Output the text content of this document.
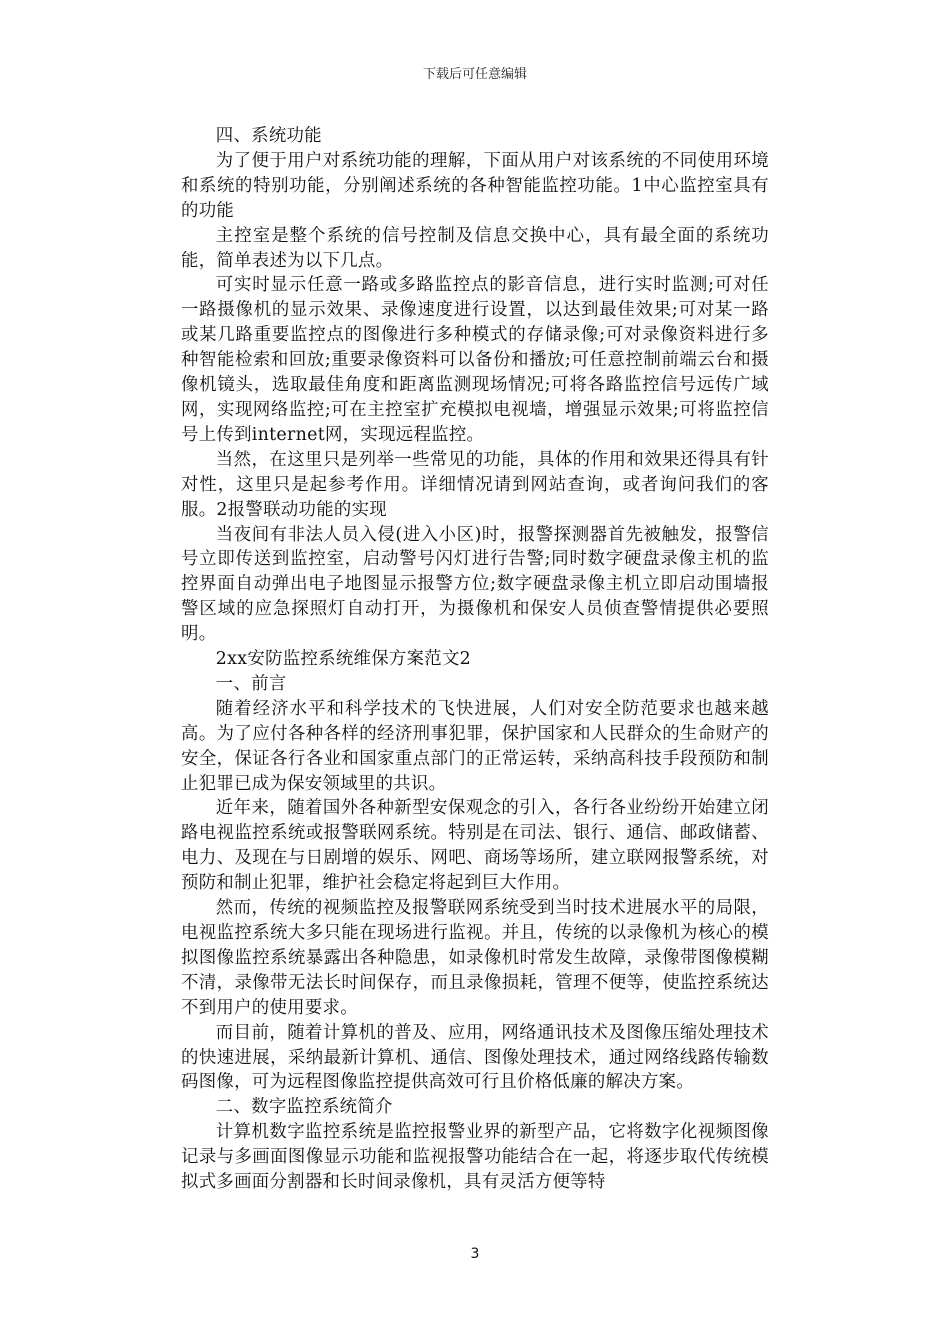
下载后可任意编辑

四、系统功能

为了便于用户对系统功能的理解，下面从用户对该系统的不同使用环境和系统的特别功能，分别阐述系统的各种智能监控功能。1中心监控室具有的功能

主控室是整个系统的信号控制及信息交换中心，具有最全面的系统功能，简单表述为以下几点。

可实时显示任意一路或多路监控点的影音信息，进行实时监测;可对任一路摄像机的显示效果、录像速度进行设置，以达到最佳效果;可对某一路或某几路重要监控点的图像进行多种模式的存储录像;可对录像资料进行多种智能检索和回放;重要录像资料可以备份和播放;可任意控制前端云台和摄像机镜头，选取最佳角度和距离监测现场情况;可将各路监控信号远传广域网，实现网络监控;可在主控室扩充模拟电视墙，增强显示效果;可将监控信号上传到internet网，实现远程监控。

当然，在这里只是列举一些常见的功能，具体的作用和效果还得具有针对性，这里只是起参考作用。详细情况请到网站查询，或者询问我们的客服。2报警联动功能的实现

当夜间有非法人员入侵(进入小区)时，报警探测器首先被触发，报警信号立即传送到监控室，启动警号闪灯进行告警;同时数字硬盘录像主机的监控界面自动弹出电子地图显示报警方位;数字硬盘录像主机立即启动围墙报警区域的应急探照灯自动打开，为摄像机和保安人员侦查警情提供必要照明。

2xx安防监控系统维保方案范文2

一、前言

随着经济水平和科学技术的飞快进展，人们对安全防范要求也越来越高。为了应付各种各样的经济刑事犯罪，保护国家和人民群众的生命财产的安全，保证各行各业和国家重点部门的正常运转，采纳高科技手段预防和制止犯罪已成为保安领域里的共识。

近年来，随着国外各种新型安保观念的引入，各行各业纷纷开始建立闭路电视监控系统或报警联网系统。特别是在司法、银行、通信、邮政储蓄、电力、及现在与日剧增的娱乐、网吧、商场等场所，建立联网报警系统，对预防和制止犯罪，维护社会稳定将起到巨大作用。

然而，传统的视频监控及报警联网系统受到当时技术进展水平的局限，电视监控系统大多只能在现场进行监视。并且，传统的以录像机为核心的模拟图像监控系统暴露出各种隐患，如录像机时常发生故障，录像带图像模糊不清，录像带无法长时间保存，而且录像损耗，管理不便等，使监控系统达不到用户的使用要求。

而目前，随着计算机的普及、应用，网络通讯技术及图像压缩处理技术的快速进展，采纳最新计算机、通信、图像处理技术，通过网络线路传输数码图像，可为远程图像监控提供高效可行且价格低廉的解决方案。

二、数字监控系统简介

计算机数字监控系统是监控报警业界的新型产品，它将数字化视频图像记录与多画面图像显示功能和监视报警功能结合在一起，将逐步取代传统模拟式多画面分割器和长时间录像机，具有灵活方便等特

3
